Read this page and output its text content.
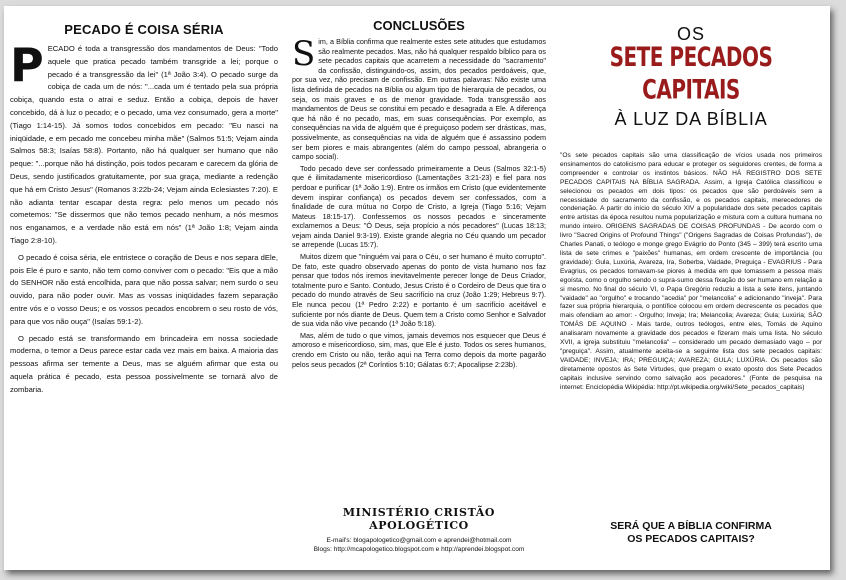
PECADO É COISA SÉRIA

PECADO é toda a transgressão dos mandamentos de Deus: "Todo aquele que pratica pecado também transgride a lei; porque o pecado é a transgressão da lei" (1ª João 3:4). O pecado surge da cobiça de cada um de nós: "...cada um é tentado pela sua própria cobiça, quando esta o atrai e seduz. Então a cobiça, depois de haver concebido, dá à luz o pecado; e o pecado, uma vez consumado, gera a morte" (Tiago 1:14-15). Já somos todos concebidos em pecado: "Eu nasci na iniqüidade, e em pecado me concebeu minha mãe" (Salmos 51:5; Vejam ainda Salmos 58:3; Isaías 58:8). Portanto, não há qualquer ser humano que não peque: "...porque não há distinção, pois todos pecaram e carecem da glória de Deus, sendo justificados gratuitamente, por sua graça, mediante a redenção que há em Cristo Jesus" (Romanos 3:22b-24; Vejam ainda Eclesiastes 7:20). E não adianta tentar escapar desta regra: pelo menos um pecado nós cometemos: "Se dissermos que não temos pecado nenhum, a nós mesmos nos enganamos, e a verdade não está em nós" (1ª João 1:8; Vejam ainda Tiago 2:8-10).

O pecado é coisa séria, ele entristece o coração de Deus e nos separa dEle, pois Ele é puro e santo, não tem como conviver com o pecado: "Eis que a mão do SENHOR não está encolhida, para que não possa salvar; nem surdo o seu ouvido, para não poder ouvir. Mas as vossas iniqüidades fazem separação entre vós e o vosso Deus; e os vossos pecados encobrem o seu rosto de vós, para que vos não ouça" (Isaías 59:1-2).

O pecado está se transformando em brincadeira em nossa sociedade moderna, o temor a Deus parece estar cada vez mais em baixa. A maioria das pessoas afirma ser temente a Deus, mas se alguém afirmar que esta ou aquela prática é pecado, esta pessoa possivelmente se tornará alvo de zombaria.

CONCLUSÕES

Sim, a Bíblia confirma que realmente estes sete atitudes que estudamos são realmente pecados. Mas, não há qualquer respaldo bíblico para os sete pecados capitais que acarretem a necessidade do "sacramento" da confissão, distinguindo-os, assim, dos pecados perdoáveis, que, por sua vez, não precisam de confissão. Em outras palavras: Não existe uma lista definida de pecados na Bíblia ou algum tipo de hierarquia de pecados, ou seja, os mais graves e os de menor gravidade. Toda transgressão aos mandamentos de Deus se constitui em pecado e desagrada a Ele. A diferença que há não é no pecado, mas, em suas consequências. Por exemplo, as consequências na vida de alguém que é preguiçoso podem ser drásticas, mas, possivelmente, as consequências na vida de alguém que é assassino podem ser bem piores e mais abrangentes (além do campo pessoal, abrangeria o campo social).

Todo pecado deve ser confessado primeiramente a Deus (Salmos 32:1-5) que é ilimitadamente misericordioso (Lamentações 3:21-23) e fiel para nos perdoar e purificar (1ª João 1:9). Entre os irmãos em Cristo (que evidentemente devem inspirar confiança) os pecados devem ser confessados, com a finalidade de cura mútua no Corpo de Cristo, a Igreja (Tiago 5:16; Vejam Mateus 18:15-17). Confessemos os nossos pecados e sinceramente exclamemos a Deus: "Ó Deus, seja propício a nós pecadores" (Lucas 18:13; vejam ainda Daniel 9:3-19). Existe grande alegria no Céu quando um pecador se arrepende (Lucas 15:7).

Muitos dizem que "ninguém vai para o Céu, o ser humano é muito corrupto". De fato, este quadro observado apenas do ponto de vista humano nos faz pensar que todos nós iremos inevitavelmente perecer longe de Deus Criador, totalmente puro e Santo. Contudo, Jesus Cristo é o Cordeiro de Deus que tira o pecado do mundo através de Seu sacrifício na cruz (João 1:29; Hebreus 9:7). Ele nunca pecou (1ª Pedro 2:22) e portanto é um sacrifício aceitável e suficiente por nós diante de Deus. Quem tem a Cristo como Senhor e Salvador de sua vida não vive pecando (1ª João 5:18).

Mas, além de tudo o que vimos, jamais devemos nos esquecer que Deus é amoroso e misericordioso, sim, mas, que Ele é justo. Todos os seres humanos, crendo em Cristo ou não, terão aqui na Terra como depois da morte pagarão pelos seus pecados (2ª Coríntios 5:10; Gálatas 6:7; Apocalipse 2:23b).

MINISTÉRIO CRISTÃO APOLOGÉTICO
E-mail's: blogapologetico@gmail.com e aprendei@hotmail.com
Blogs: http://mcapologetico.blogspot.com e http://aprendei.blogspot.com
OS
SETE PECADOS CAPITAIS
À LUZ DA BÍBLIA

"Os sete pecados capitais são uma classificação de vícios usada nos primeiros ensinamentos do catolicismo para educar e proteger os seguidores crentes, de forma a compreender e controlar os instintos básicos. NÃO HÁ REGISTRO DOS SETE PECADOS CAPITAIS NA BÍBLIA SAGRADA. Assim, a Igreja Católica classificou e selecionou os pecados em dois tipos: os pecados que são perdoáveis sem a necessidade do sacramento da confissão, e os pecados capitais, merecedores de condenação. A partir do início do século XIV a popularidade dos sete pecados capitais entre artistas da época resultou numa popularização e mistura com a cultura humana no mundo inteiro. ORIGENS SAGRADAS DE COISAS PROFUNDAS - De acordo com o livro "Sacred Origins of Profound Things" ("Origens Sagradas de Coisas Profundas"), de Charles Panati, o teólogo e monge grego Evágrio do Ponto (345 – 399) terá escrito uma lista de sete crimes e "paixões" humanas, em ordem crescente de importância (ou gravidade): Gula, Luxúria, Avareza, Ira, Soberba, Vaidade, Preguiça - EVAGRIUS - Para Evagrius, os pecados tornavam-se piores à medida em que tomassem a pessoa mais egoísta, como o orgulho sendo o supra-sumo dessa fixação do ser humano em relação a si mesmo. No final do século VI, o Papa Gregório reduziu a lista a sete itens, juntando "vaidade" ao "orgulho" e trocando "acedia" por "melancolia" e adicionando "inveja". Para fazer sua própria hierarquia, o pontífice colocou em ordem decrescente os pecados que mais ofendiam ao amor: - Orgulho; Inveja; Ira; Melancolia; Avareza; Gula; Luxúria; SÃO TOMÁS DE AQUINO - Mais tarde, outros teólogos, entre eles, Tomás de Aquino analisaram novamente a gravidade dos pecados e fizeram mais uma lista. No século XVII, a igreja substituiu "melancolia" – considerado um pecado demasiado vago – por "preguiça". Assim, atualmente aceita-se a seguinte lista dos sete pecados capitais: VAIDADE; INVEJA; IRA; PREGUIÇA; AVAREZA; GULA; LUXÚRIA. Os pecados são diretamente opostos às Sete Virtudes, que pregam o exato oposto dos Sete Pecados capitais inclusive servindo como salvação aos pecadores." (Fonte de pesquisa na internet: Enciclopédia Wikipédia: http://pt.wikipedia.org/wiki/Sete_pecados_capitais)

SERÁ QUE A BÍBLIA CONFIRMA
OS PECADOS CAPITAIS?
